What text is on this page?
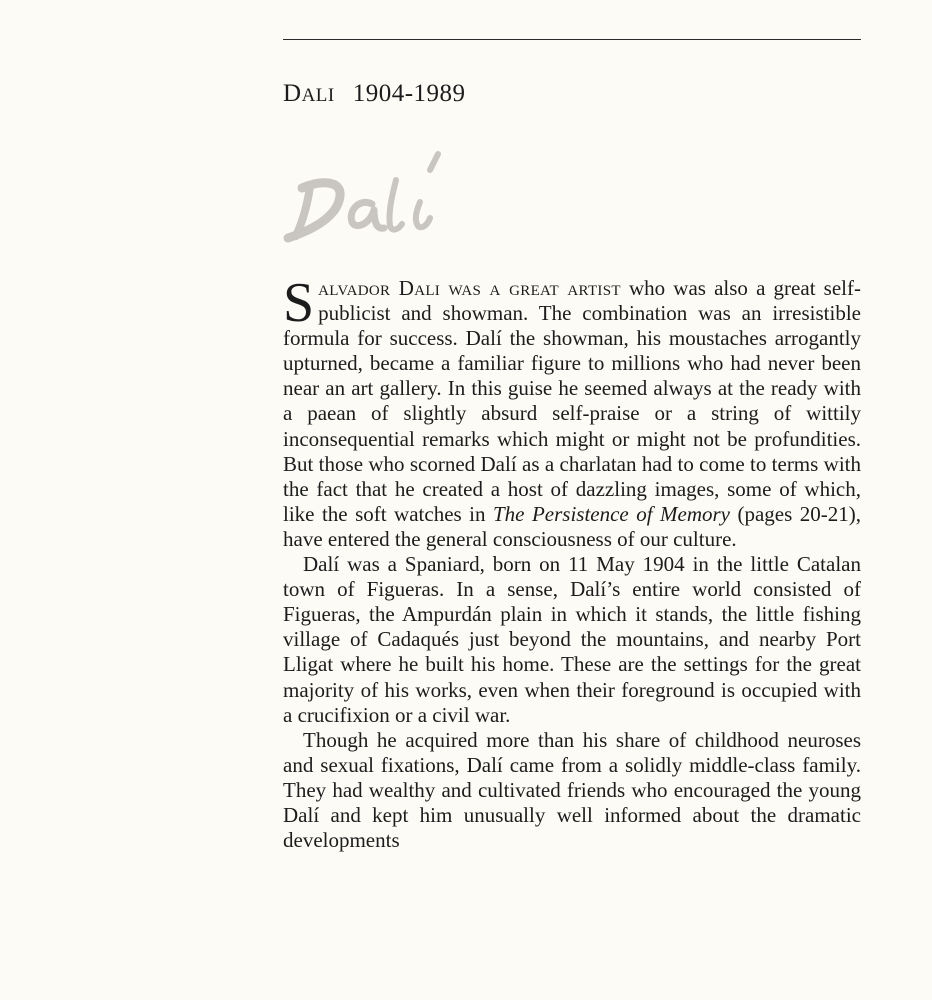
DALI 1904-1989

Salvador Dali was a great artist who was also a great self-publicist and showman. The combination was an irresistible formula for success. Dalí the showman, his moustaches arrogantly upturned, became a familiar figure to millions who had never been near an art gallery. In this guise he seemed always at the ready with a paean of slightly absurd self-praise or a string of wittily inconsequential remarks which might or might not be profundities. But those who scorned Dalí as a charlatan had to come to terms with the fact that he created a host of dazzling images, some of which, like the soft watches in The Persistence of Memory (pages 20-21), have entered the general consciousness of our culture.

Dalí was a Spaniard, born on 11 May 1904 in the little Catalan town of Figueras. In a sense, Dalí’s entire world consisted of Figueras, the Ampurdán plain in which it stands, the little fishing village of Cadaqués just beyond the mountains, and nearby Port Lligat where he built his home. These are the settings for the great majority of his works, even when their foreground is occupied with a crucifixion or a civil war.

Though he acquired more than his share of childhood neuroses and sexual fixations, Dalí came from a solidly middle-class family. They had wealthy and cultivated friends who encouraged the young Dalí and kept him unusually well informed about the dramatic developments
